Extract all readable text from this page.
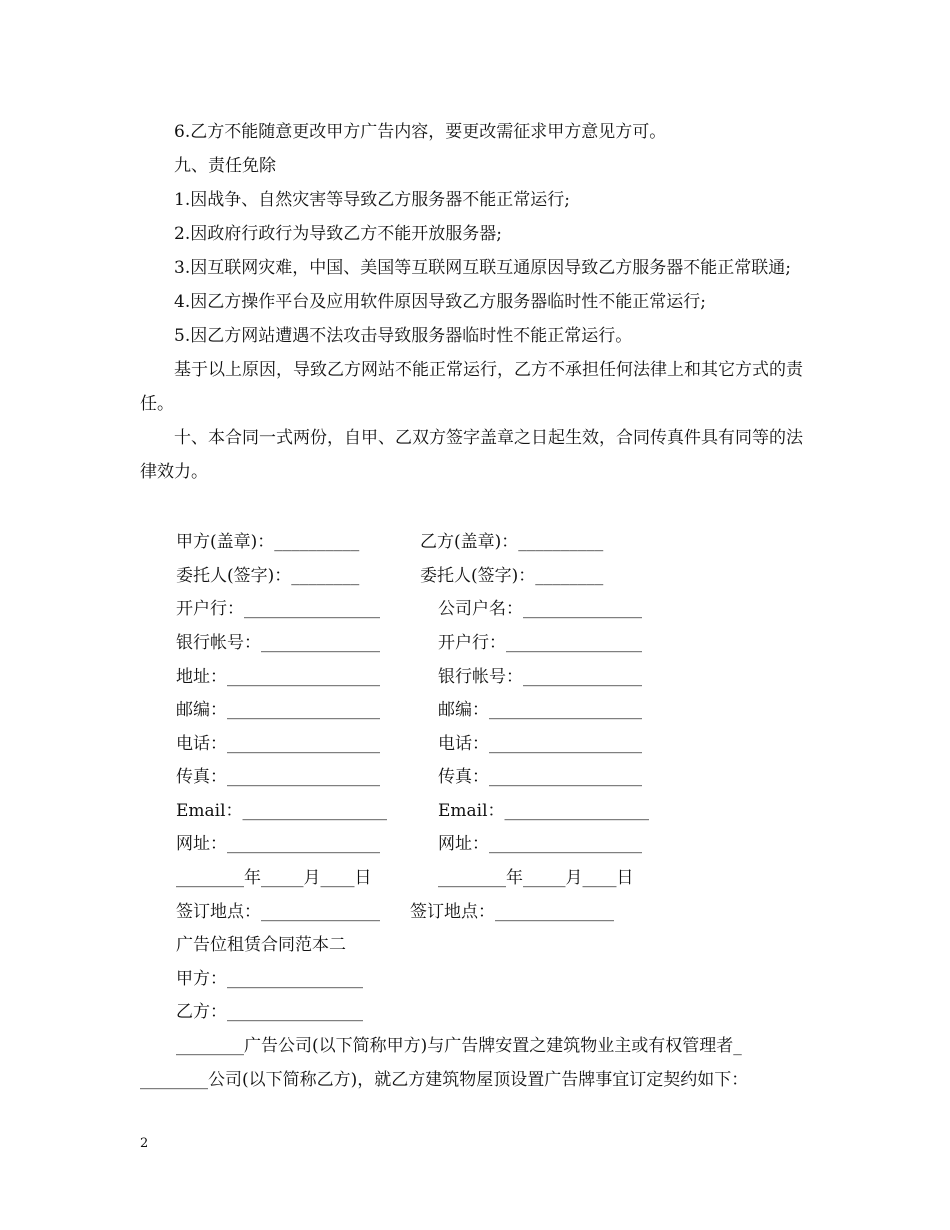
6.乙方不能随意更改甲方广告内容，要更改需征求甲方意见方可。

九、责任免除

1.因战争、自然灾害等导致乙方服务器不能正常运行;

2.因政府行政行为导致乙方不能开放服务器;

3.因互联网灾难，中国、美国等互联网互联互通原因导致乙方服务器不能正常联通;

4.因乙方操作平台及应用软件原因导致乙方服务器临时性不能正常运行;

5.因乙方网站遭遇不法攻击导致服务器临时性不能正常运行。

基于以上原因，导致乙方网站不能正常运行，乙方不承担任何法律上和其它方式的责任。

十、本合同一式两份，自甲、乙双方签字盖章之日起生效，合同传真件具有同等的法律效力。

甲方(盖章)：__________	乙方(盖章)：__________
委托人(签字)：________	委托人(签字)：________
开户行：________________	公司户名：______________
银行帐号：______________	开户行：________________
地址：__________________	银行帐号：______________
邮编：__________________	邮编：__________________
电话：__________________	电话：__________________
传真：__________________	传真：__________________
Email：_________________	Email：_________________
网址：__________________	网址：__________________
________年_____月____日	________年_____月____日
签订地点：______________ 签订地点：______________
广告位租赁合同范本二
甲方：________________
乙方：________________
________广告公司(以下简称甲方)与广告牌安置之建筑物业主或有权管理者_
________公司(以下简称乙方)，就乙方建筑物屋顶设置广告牌事宜订定契约如下：
2
